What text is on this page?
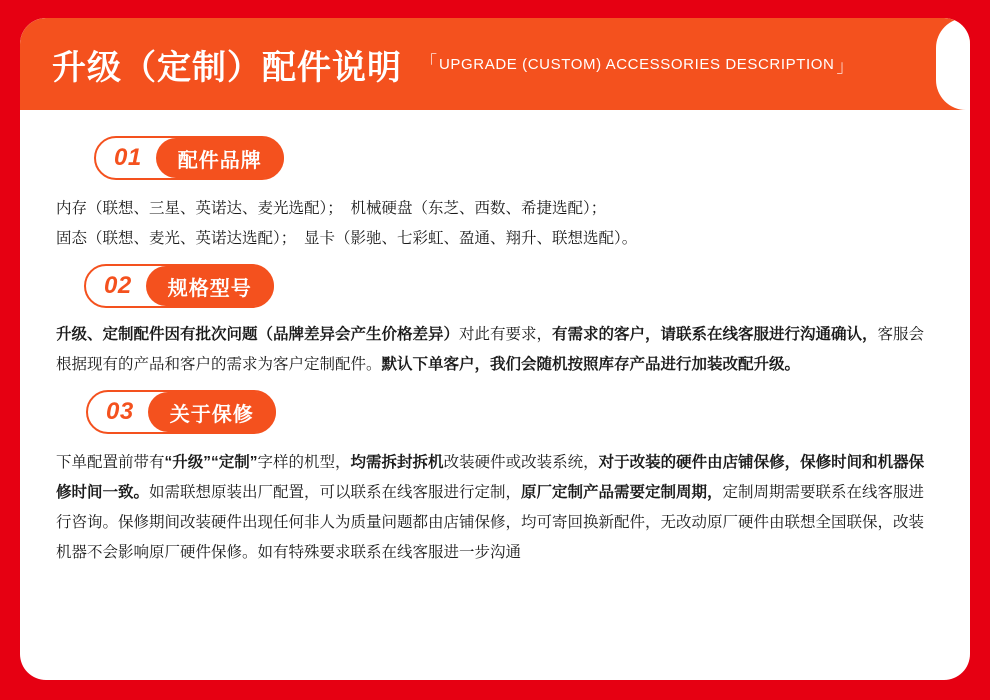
升级（定制）配件说明 「 UPGRADE (CUSTOM) ACCESSORIES DESCRIPTION 」
01	配件品牌

内存（联想、三星、英诺达、麦光选配）；　机械硬盘（东芝、西数、希捷选配）；

固态（联想、麦光、英诺达选配）；　显卡（影驰、七彩虹、盈通、翔升、联想选配）。

02	规格型号

升级、定制配件因有批次问题（品牌差异会产生价格差异）对此有要求，有需求的客户，请联系在线客服进行沟通确认，客服会根据现有的产品和客户的需求为客户定制配件。默认下单客户，我们会随机按照库存产品进行加装改配升级。

03	关于保修

下单配置前带有“升级”“定制”字样的机型，均需拆封拆机改装硬件或改装系统，对于改装的硬件由店铺保修，保修时间和机器保修时间一致。如需联想原装出厂配置，可以联系在线客服进行定制，原厂定制产品需要定制周期，定制周期需要联系在线客服进行咨询。保修期间改装硬件出现任何非人为质量问题都由店铺保修，均可寄回换新配件，无改动原厂硬件由联想全国联保，改装机器不会影响原厂硬件保修。如有特殊要求联系在线客服进一步沟通
